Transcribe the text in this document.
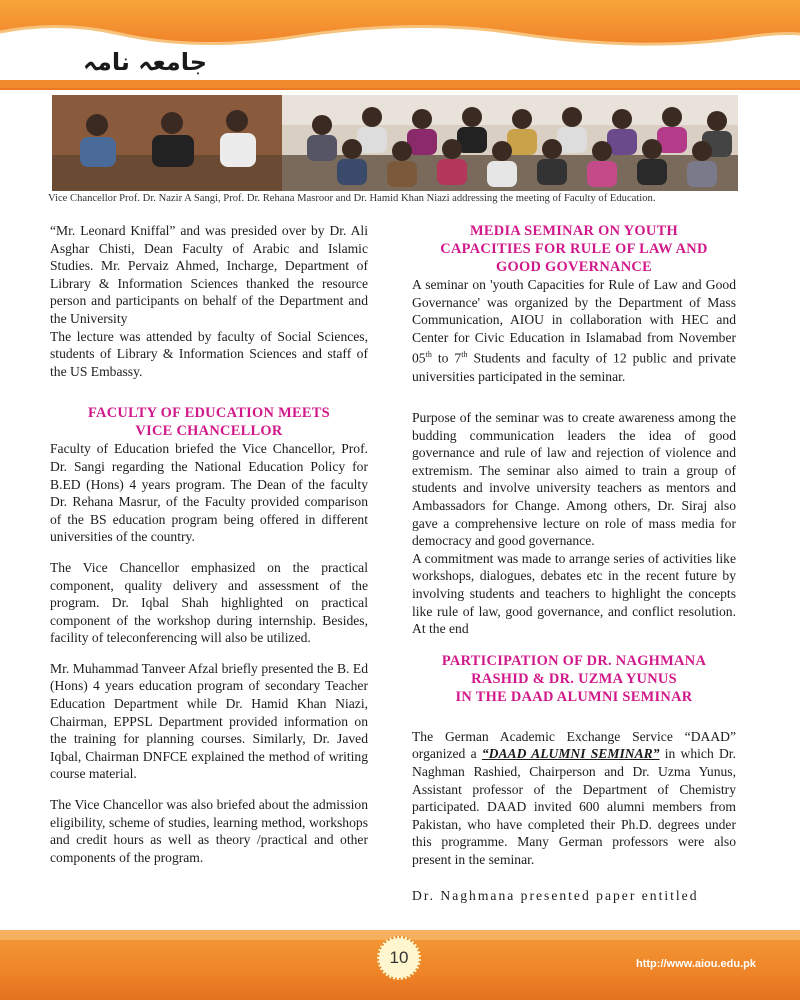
جامعہ نامہ
Vice Chancellor Prof. Dr. Nazir A Sangi, Prof. Dr. Rehana Masroor and Dr. Hamid Khan Niazi addressing the meeting of Faculty of Education.

“Mr. Leonard Kniffal” and was presided over by Dr. Ali Asghar Chisti, Dean Faculty of Arabic and Islamic Studies. Mr. Pervaiz Ahmed, Incharge, Department of Library & Information Sciences thanked the resource person and participants on behalf of the Department and the University

The lecture was attended by faculty of Social Sciences, students of Library & Information Sciences and staff of the US Embassy.

FACULTY OF EDUCATION MEETS
VICE CHANCELLOR

Faculty of Education briefed the Vice Chancellor, Prof. Dr. Sangi regarding the National Education Policy for B.ED (Hons) 4 years program. The Dean of the faculty Dr. Rehana Masrur, of the Faculty provided comparison of the BS education program being offered in different universities of the country.

The Vice Chancellor emphasized on the practical component, quality delivery and assessment of the program. Dr. Iqbal Shah highlighted on practical component of the workshop during internship. Besides, facility of teleconferencing will also be utilized.

Mr. Muhammad Tanveer Afzal briefly presented the B. Ed (Hons) 4 years education program of secondary Teacher Education Department while Dr. Hamid Khan Niazi, Chairman, EPPSL Department provided information on the training for planning courses. Similarly, Dr. Javed Iqbal, Chairman DNFCE explained the method of writing course material.

The Vice Chancellor was also briefed about the admission eligibility, scheme of studies, learning method, workshops and credit hours as well as theory /practical and other components of the program.

MEDIA SEMINAR ON YOUTH
CAPACITIES FOR RULE OF LAW AND
GOOD GOVERNANCE

A seminar on 'youth Capacities for Rule of Law and Good Governance' was organized by the Department of Mass Communication, AIOU in collaboration with HEC and Center for Civic Education in Islamabad from November 05th to 7th Students and faculty of 12 public and private universities participated in the seminar.

Purpose of the seminar was to create awareness among the budding communication leaders the idea of good governance and rule of law and rejection of violence and extremism. The seminar also aimed to train a group of students and involve university teachers as mentors and Ambassadors for Change. Among others, Dr. Siraj also gave a comprehensive lecture on role of mass media for democracy and good governance.

A commitment was made to arrange series of activities like workshops, dialogues, debates etc in the recent future by involving students and teachers to highlight the concepts like rule of law, good governance, and conflict resolution. At the end

PARTICIPATION OF DR. NAGHMANA
RASHID & DR. UZMA YUNUS
IN THE DAAD ALUMNI SEMINAR

The German Academic Exchange Service “DAAD” organized a “DAAD ALUMNI SEMINAR” in which Dr. Naghman Rashied, Chairperson and Dr. Uzma Yunus, Assistant professor of the Department of Chemistry participated. DAAD invited 600 alumni members from Pakistan, who have completed their Ph.D. degrees under this programme. Many German professors were also present in the seminar.

Dr. Naghmana presented paper entitled

10	http://www.aiou.edu.pk
